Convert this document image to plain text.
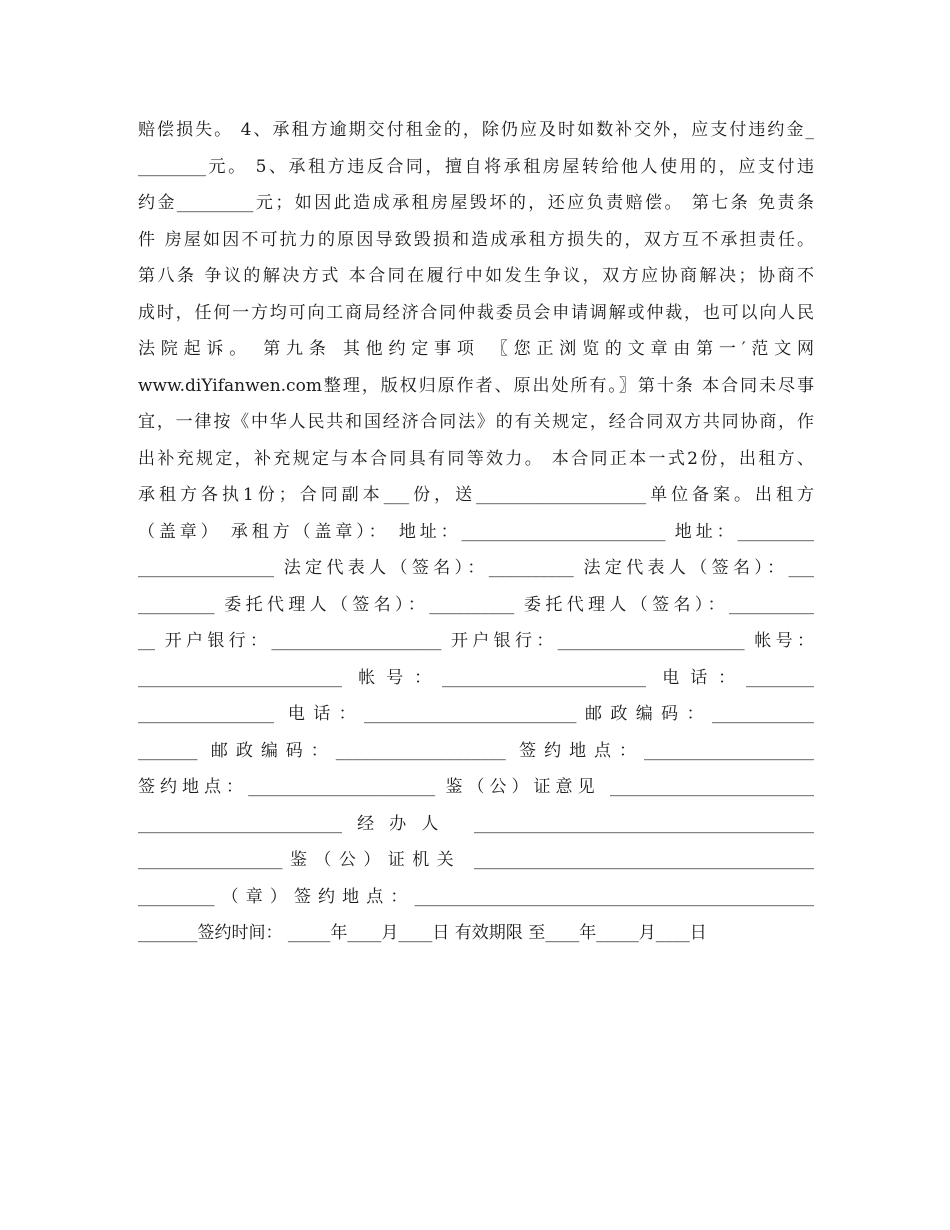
赔偿损失。 4、承租方逾期交付租金的，除仍应及时如数补交外，应支付违约金_
________元。 5、承租方违反合同，擅自将承租房屋转给他人使用的，应支付违
约金_________元；如因此造成承租房屋毁坏的，还应负责赔偿。 第七条 免责条
件 房屋如因不可抗力的原因导致毁损和造成承租方损失的，双方互不承担责任。
第八条 争议的解决方式 本合同在履行中如发生争议，双方应协商解决；协商不
成时，任何一方均可向工商局经济合同仲裁委员会申请调解或仲裁，也可以向人民
法院起诉。 第九条 其他约定事项 〖您正浏览的文章由第一′范文网
www.diYifanwen.com整理，版权归原作者、原出处所有。〗第十条 本合同未尽事
宜，一律按《中华人民共和国经济合同法》的有关规定，经合同双方共同协商，作
出补充规定，补充规定与本合同具有同等效力。 本合同正本一式2份，出租方、
承租方各执1份；合同副本___份，送____________________单位备案。出租方
（盖章） 承租方（盖章）： 地址：________________________ 地址：_________
________________ 法定代表人（签名）：__________ 法定代表人（签名）：___
_________ 委托代理人（签名）：__________ 委托代理人（签名）：__________
__ 开户银行：____________________ 开户银行：______________________ 帐号：
________________________ 帐号：________________________ 电话：________
________________ 电话：_________________________邮政编码：____________
_______ 邮政编码：____________________ 签约地点：____________________
签约地点：______________________ 鉴（公）证意见 ________________________
________________________经办人 ________________________________________
_________________鉴（公）证机关 ________________________________________
_________（章）签约地点：_______________________________________________
_______签约时间： _____年____月____日 有效期限 至____年_____月____日
